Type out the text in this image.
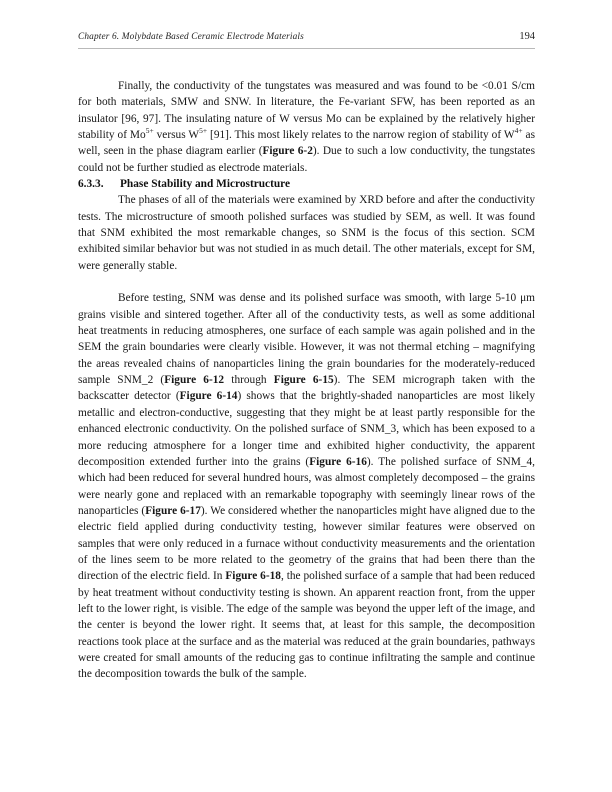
Chapter 6. Molybdate Based Ceramic Electrode Materials	194

Finally, the conductivity of the tungstates was measured and was found to be <0.01 S/cm for both materials, SMW and SNW. In literature, the Fe-variant SFW, has been reported as an insulator [96, 97]. The insulating nature of W versus Mo can be explained by the relatively higher stability of $Mo^{5+}$ versus $W^{5+}$ [91]. This most likely relates to the narrow region of stability of $W^{4+}$ as well, seen in the phase diagram earlier (Figure 6-2). Due to such a low conductivity, the tungstates could not be further studied as electrode materials.

6.3.3. Phase Stability and Microstructure

The phases of all of the materials were examined by XRD before and after the conductivity tests. The microstructure of smooth polished surfaces was studied by SEM, as well. It was found that SNM exhibited the most remarkable changes, so SNM is the focus of this section. SCM exhibited similar behavior but was not studied in as much detail. The other materials, except for SM, were generally stable.

Before testing, SNM was dense and its polished surface was smooth, with large 5-10 μm grains visible and sintered together. After all of the conductivity tests, as well as some additional heat treatments in reducing atmospheres, one surface of each sample was again polished and in the SEM the grain boundaries were clearly visible. However, it was not thermal etching – magnifying the areas revealed chains of nanoparticles lining the grain boundaries for the moderately-reduced sample SNM_2 (Figure 6-12 through Figure 6-15). The SEM micrograph taken with the backscatter detector (Figure 6-14) shows that the brightly-shaded nanoparticles are most likely metallic and electron-conductive, suggesting that they might be at least partly responsible for the enhanced electronic conductivity. On the polished surface of SNM_3, which has been exposed to a more reducing atmosphere for a longer time and exhibited higher conductivity, the apparent decomposition extended further into the grains (Figure 6-16). The polished surface of SNM_4, which had been reduced for several hundred hours, was almost completely decomposed – the grains were nearly gone and replaced with an remarkable topography with seemingly linear rows of the nanoparticles (Figure 6-17). We considered whether the nanoparticles might have aligned due to the electric field applied during conductivity testing, however similar features were observed on samples that were only reduced in a furnace without conductivity measurements and the orientation of the lines seem to be more related to the geometry of the grains that had been there than the direction of the electric field. In Figure 6-18, the polished surface of a sample that had been reduced by heat treatment without conductivity testing is shown. An apparent reaction front, from the upper left to the lower right, is visible. The edge of the sample was beyond the upper left of the image, and the center is beyond the lower right. It seems that, at least for this sample, the decomposition reactions took place at the surface and as the material was reduced at the grain boundaries, pathways were created for small amounts of the reducing gas to continue infiltrating the sample and continue the decomposition towards the bulk of the sample.
